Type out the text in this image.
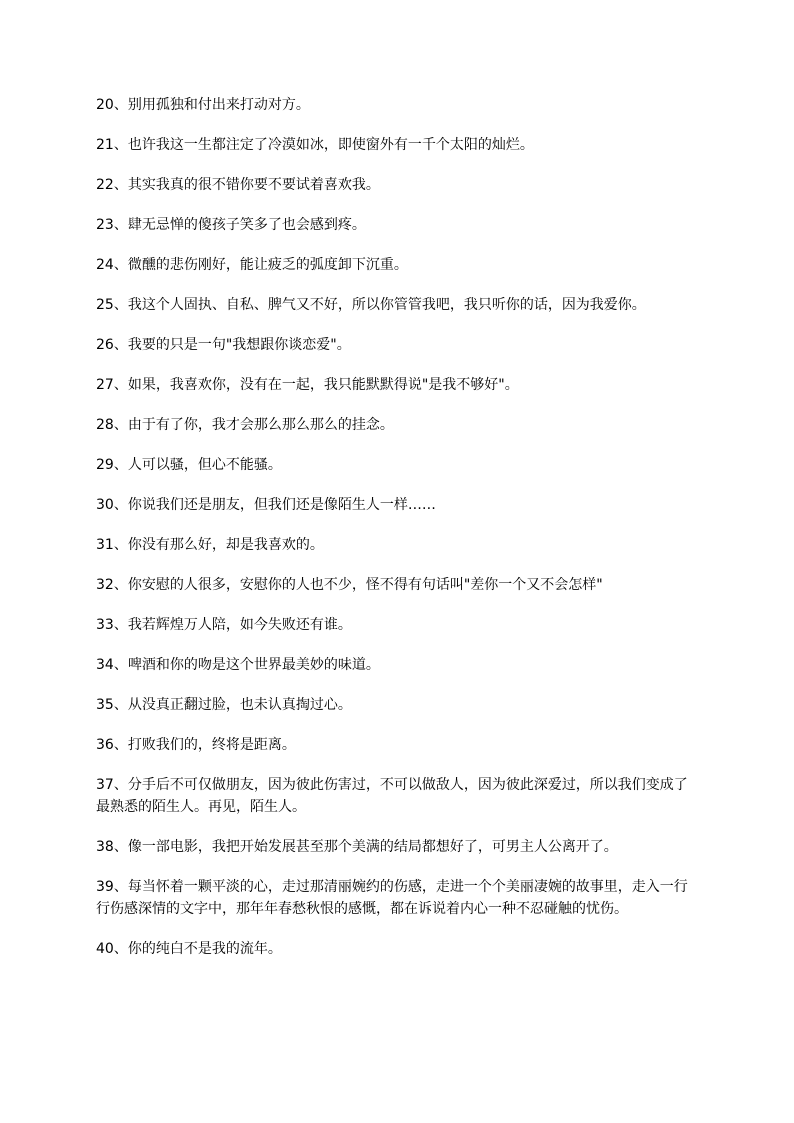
20、别用孤独和付出来打动对方。

21、也许我这一生都注定了冷漠如冰，即使窗外有一千个太阳的灿烂。

22、其实我真的很不错你要不要试着喜欢我。

23、肆无忌惮的傻孩子笑多了也会感到疼。

24、微醺的悲伤刚好，能让疲乏的弧度卸下沉重。

25、我这个人固执、自私、脾气又不好，所以你管管我吧，我只听你的话，因为我爱你。

26、我要的只是一句"我想跟你谈恋爱"。

27、如果，我喜欢你，没有在一起，我只能默默得说"是我不够好"。

28、由于有了你，我才会那么那么那么的挂念。

29、人可以骚，但心不能骚。

30、你说我们还是朋友，但我们还是像陌生人一样……

31、你没有那么好，却是我喜欢的。

32、你安慰的人很多，安慰你的人也不少，怪不得有句话叫"差你一个又不会怎样"

33、我若辉煌万人陪，如今失败还有谁。

34、啤酒和你的吻是这个世界最美妙的味道。

35、从没真正翻过脸，也未认真掏过心。

36、打败我们的，终将是距离。

37、分手后不可仅做朋友，因为彼此伤害过，不可以做敌人，因为彼此深爱过，所以我们变成了最熟悉的陌生人。再见，陌生人。

38、像一部电影，我把开始发展甚至那个美满的结局都想好了，可男主人公离开了。

39、每当怀着一颗平淡的心，走过那清丽婉约的伤感，走进一个个美丽凄婉的故事里，走入一行行伤感深情的文字中，那年年春愁秋恨的感慨，都在诉说着内心一种不忍碰触的忧伤。

40、你的纯白不是我的流年。
